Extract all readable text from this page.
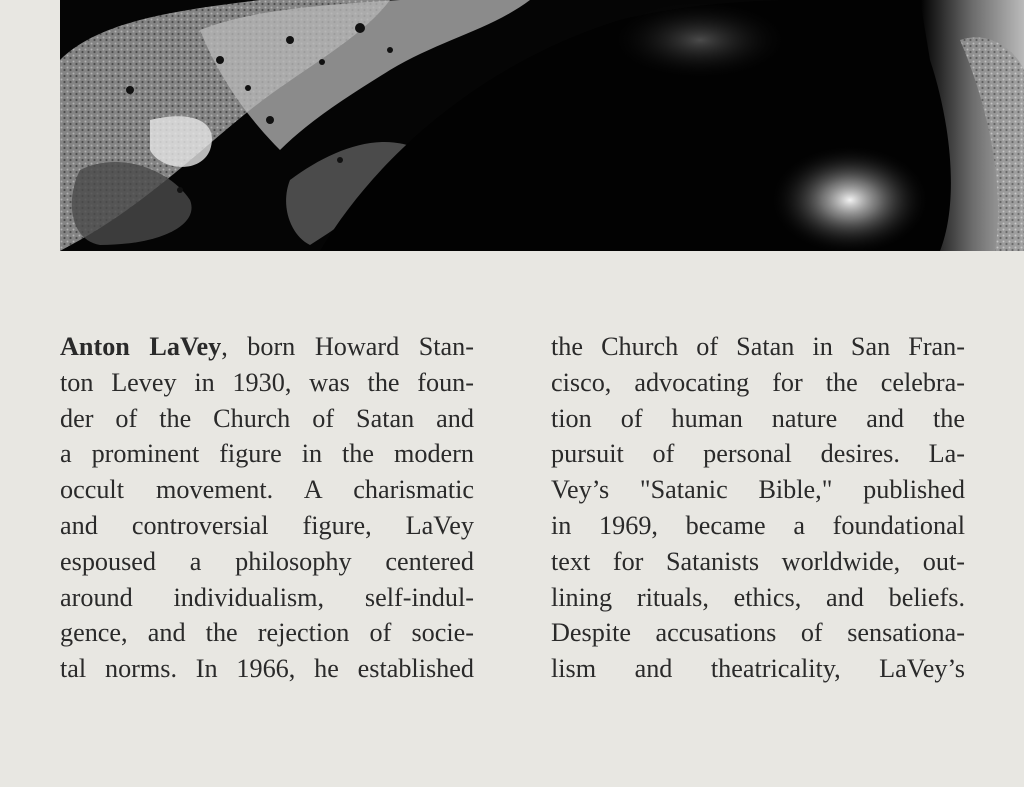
Anton LaVey, born Howard Stan-
ton Levey in 1930, was the foun-
der of the Church of Satan and
a prominent figure in the modern
occult movement. A charismatic
and controversial figure, LaVey
espoused a philosophy centered
around individualism, self-indul-
gence, and the rejection of socie-
tal norms. In 1966, he established
the Church of Satan in San Fran-
cisco, advocating for the celebra-
tion of human nature and the
pursuit of personal desires. La-
Vey’s "Satanic Bible," published
in 1969, became a foundational
text for Satanists worldwide, out-
lining rituals, ethics, and beliefs.
Despite accusations of sensationa-
lism and theatricality, LaVey’s
